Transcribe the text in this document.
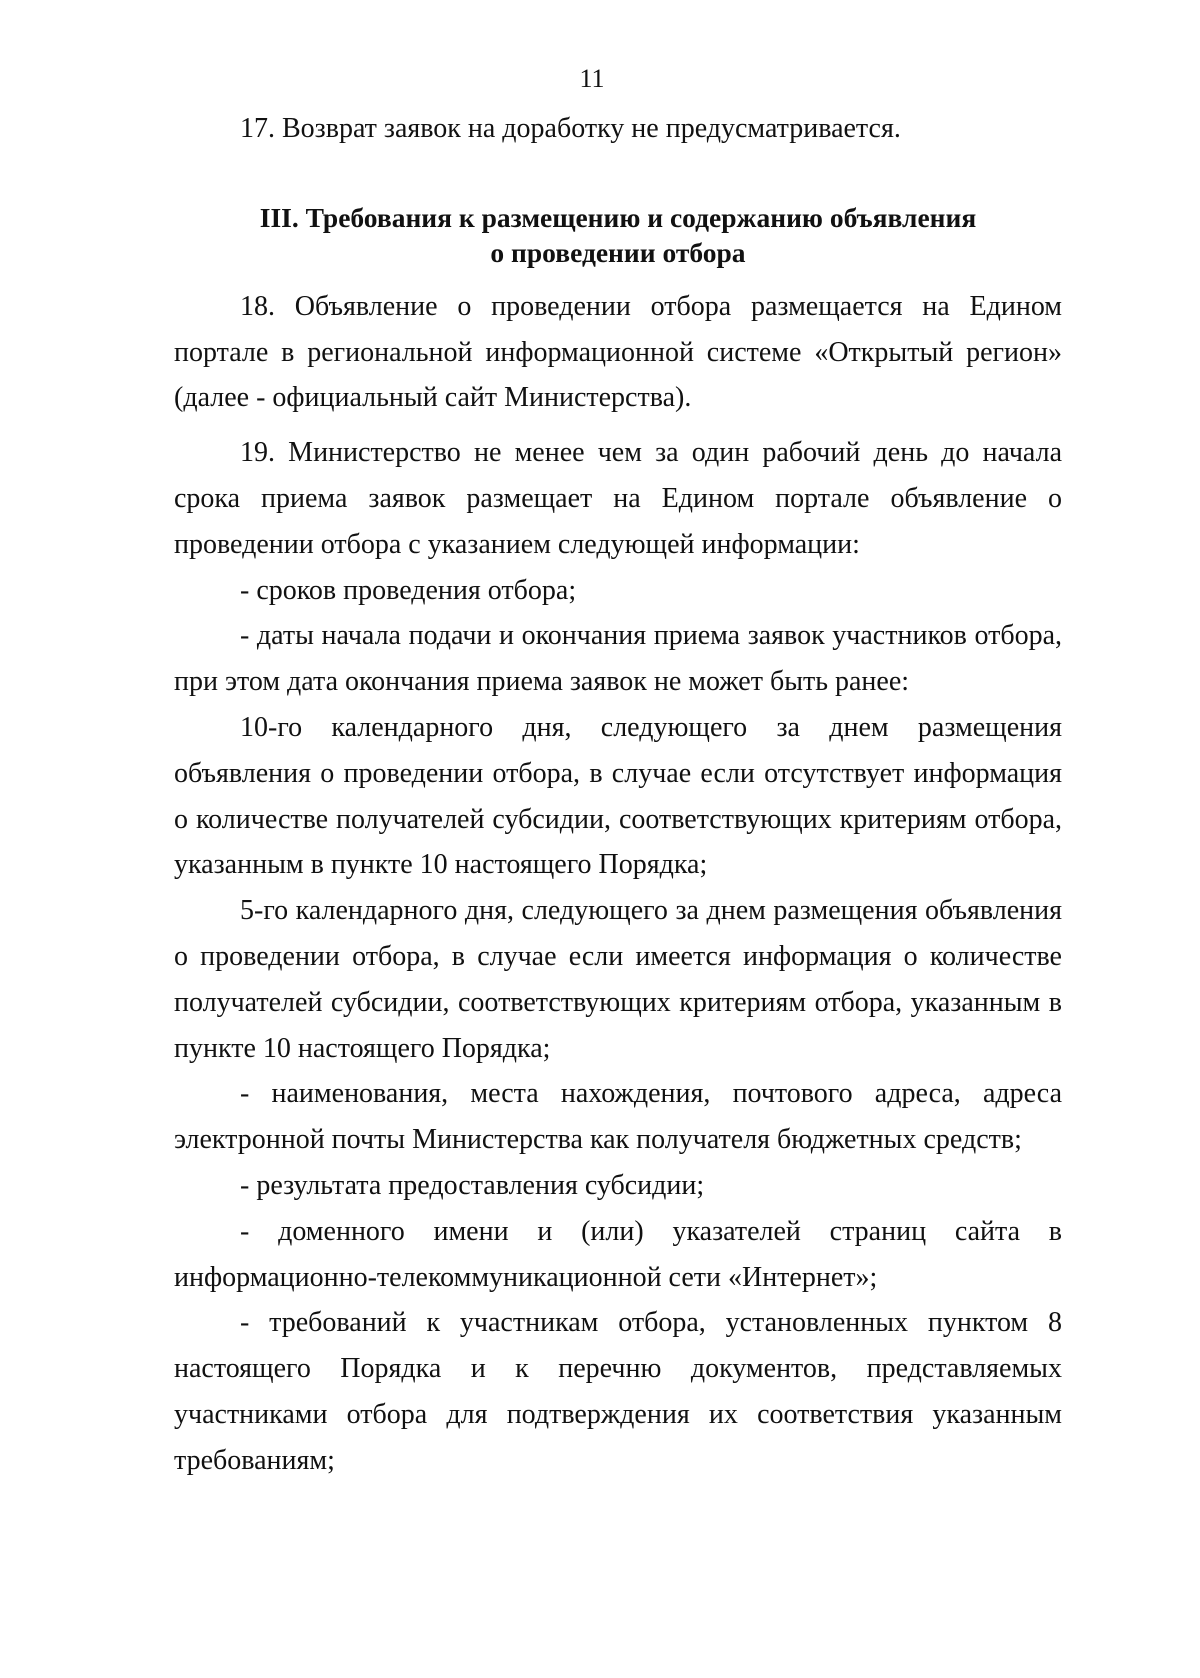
11

17. Возврат заявок на доработку не предусматривается.

III. Требования к размещению и содержанию объявления
о проведении отбора

18. Объявление о проведении отбора размещается на Едином портале в региональной информационной системе «Открытый регион» (далее - официальный сайт Министерства).

19. Министерство не менее чем за один рабочий день до начала срока приема заявок размещает на Едином портале объявление о проведении отбора с указанием следующей информации:

- сроков проведения отбора;

- даты начала подачи и окончания приема заявок участников отбора, при этом дата окончания приема заявок не может быть ранее:

10-го календарного дня, следующего за днем размещения объявления о проведении отбора, в случае если отсутствует информация о количестве получателей субсидии, соответствующих критериям отбора, указанным в пункте 10 настоящего Порядка;

5-го календарного дня, следующего за днем размещения объявления о проведении отбора, в случае если имеется информация о количестве получателей субсидии, соответствующих критериям отбора, указанным в пункте 10 настоящего Порядка;

- наименования, места нахождения, почтового адреса, адреса электронной почты Министерства как получателя бюджетных средств;

- результата предоставления субсидии;

- доменного имени и (или) указателей страниц сайта в информационно-телекоммуникационной сети «Интернет»;

- требований к участникам отбора, установленных пунктом 8 настоящего Порядка и к перечню документов, представляемых участниками отбора для подтверждения их соответствия указанным требованиям;
